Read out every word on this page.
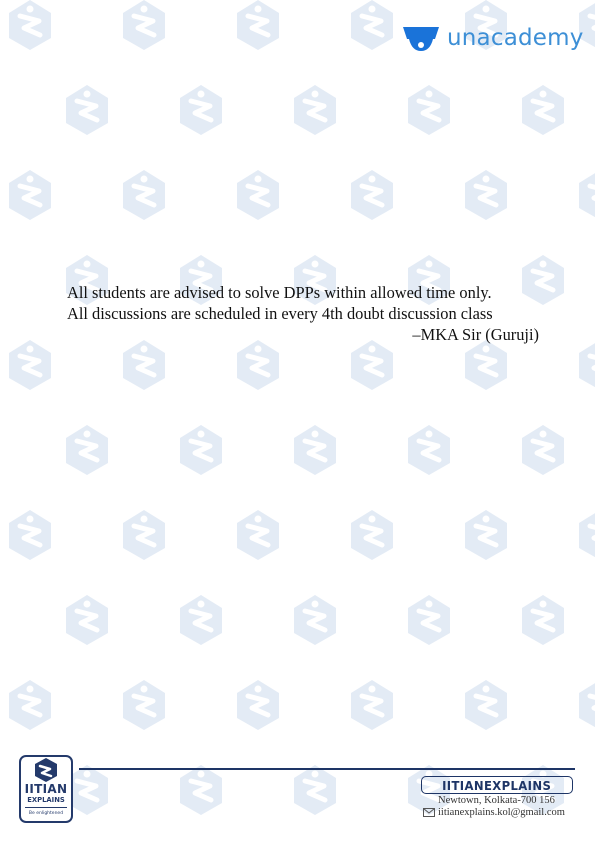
unacademy
All students are advised to solve DPPs within allowed time only.
All discussions are scheduled in every 4th doubt discussion class
–MKA Sir (Guruji)
IITIAN
EXPLAINS
Be enlightened
IITIANEXPLAINS
Newtown, Kolkata-700 156
iitianexplains.kol@gmail.com
